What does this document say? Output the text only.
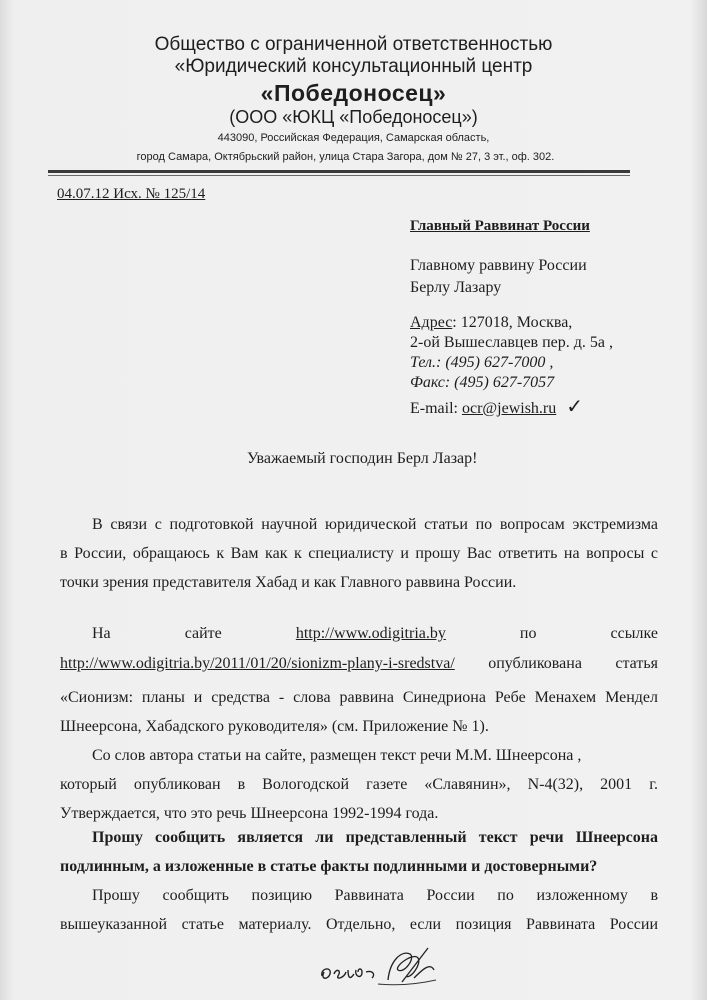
Общество с ограниченной ответственностью
«Юридический консультационный центр
«Победоносец»
(ООО «ЮКЦ «Победоносец»)
443090, Российская Федерация, Самарская область,
город Самара, Октябрьский район, улица Стара Загора, дом № 27, 3 эт., оф. 302.
04.07.12 Исх. № 125/14
Главный Раввинат России
Главному раввину России
Берлу Лазару
Адрес: 127018, Москва,
2-ой Вышеславцев пер. д. 5а ,
Тел.: (495) 627-7000 ,
Факс: (495) 627-7057
E-mail: ocr@jewish.ru ✓
Уважаемый господин Берл Лазар!
В связи с подготовкой научной юридической статьи по вопросам экстремизма
в России, обращаюсь к Вам как к специалисту и прошу Вас ответить на вопросы с
точки зрения представителя Хабад и как Главного раввина России.
На	сайте	http://www.odigitria.by	по	ссылке
http://www.odigitria.by/2011/01/20/sionizm-plany-i-sredstva/ опубликована статья
«Сионизм: планы и средства - слова раввина Синедриона Ребе Менахем Мендел
Шнеерсона, Хабадского руководителя» (см. Приложение № 1).
Со слов автора статьи на сайте, размещен текст речи М.М. Шнеерсона ,
который опубликован в Вологодской газете «Славянин», N-4(32), 2001 г.
Утверждается, что это речь Шнеерсона 1992-1994 года.
Прошу сообщить является ли представленный текст речи Шнеерсона
подлинным, а изложенные в статье факты подлинными и достоверными?
Прошу сообщить позицию Раввината России по изложенному в
вышеуказанной статье материалу. Отдельно, если позиция Раввината России
